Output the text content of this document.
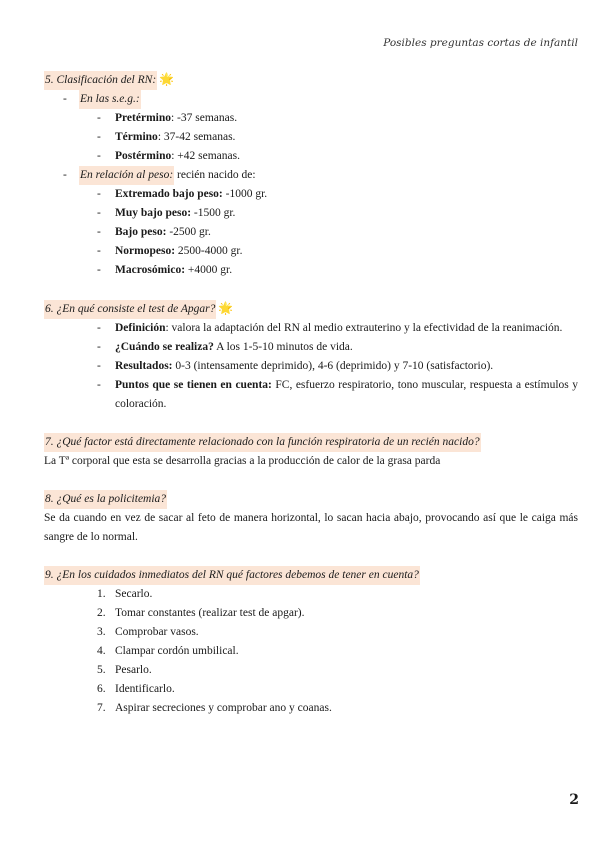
Posibles preguntas cortas de infantil
5. Clasificación del RN: 🌟
- En las s.e.g.:
- Pretérmino: -37 semanas.
- Término: 37-42 semanas.
- Postérmino: +42 semanas.
- En relación al peso: recién nacido de:
- Extremado bajo peso: -1000 gr.
- Muy bajo peso: -1500 gr.
- Bajo peso: -2500 gr.
- Normopeso: 2500-4000 gr.
- Macrosómico: +4000 gr.
6. ¿En qué consiste el test de Apgar? 🌟
- Definición: valora la adaptación del RN al medio extrauterino y la efectividad de la reanimación.
- ¿Cuándo se realiza? A los 1-5-10 minutos de vida.
- Resultados: 0-3 (intensamente deprimido), 4-6 (deprimido) y 7-10 (satisfactorio).
- Puntos que se tienen en cuenta: FC, esfuerzo respiratorio, tono muscular, respuesta a estímulos y coloración.
7. ¿Qué factor está directamente relacionado con la función respiratoria de un recién nacido?
La Tª corporal que esta se desarrolla gracias a la producción de calor de la grasa parda
8. ¿Qué es la policitemia?
Se da cuando en vez de sacar al feto de manera horizontal, lo sacan hacia abajo, provocando así que le caiga más sangre de lo normal.
9. ¿En los cuidados inmediatos del RN qué factores debemos de tener en cuenta?
1. Secarlo.
2. Tomar constantes (realizar test de apgar).
3. Comprobar vasos.
4. Clampar cordón umbilical.
5. Pesarlo.
6. Identificarlo.
7. Aspirar secreciones y comprobar ano y coanas.
2
